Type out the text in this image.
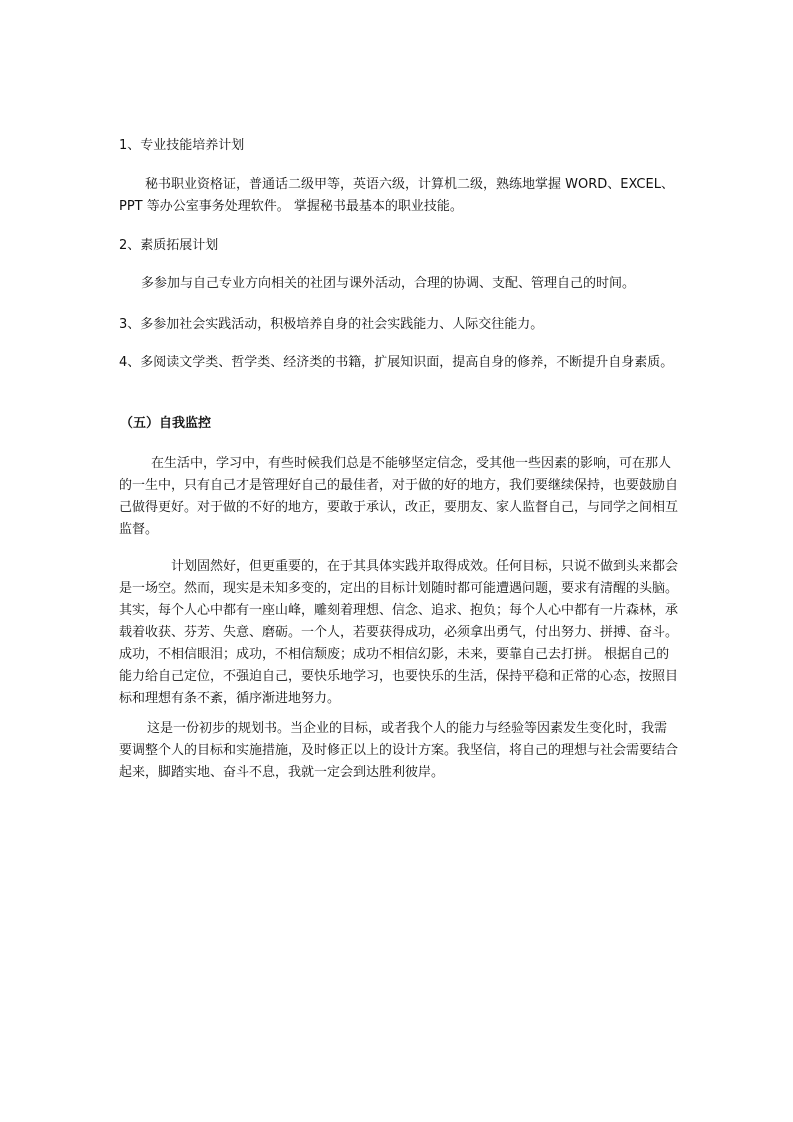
1、专业技能培养计划

秘书职业资格证，普通话二级甲等，英语六级，计算机二级，熟练地掌握 WORD、EXCEL、PPT 等办公室事务处理软件。 掌握秘书最基本的职业技能。

2、素质拓展计划

多参加与自己专业方向相关的社团与课外活动，合理的协调、支配、管理自己的时间。

3、多参加社会实践活动，积极培养自身的社会实践能力、人际交往能力。

4、多阅读文学类、哲学类、经济类的书籍，扩展知识面，提高自身的修养，不断提升自身素质。

（五）自我监控

在生活中，学习中，有些时候我们总是不能够坚定信念，受其他一些因素的影响，可在那人的一生中，只有自己才是管理好自己的最佳者，对于做的好的地方，我们要继续保持，也要鼓励自己做得更好。对于做的不好的地方，要敢于承认，改正，要朋友、家人监督自己，与同学之间相互监督。

计划固然好，但更重要的，在于其具体实践并取得成效。任何目标，只说不做到头来都会是一场空。然而，现实是未知多变的，定出的目标计划随时都可能遭遇问题，要求有清醒的头脑。其实，每个人心中都有一座山峰，雕刻着理想、信念、追求、抱负；每个人心中都有一片森林，承载着收获、芬芳、失意、磨砺。一个人，若要获得成功，必须拿出勇气，付出努力、拼搏、奋斗。成功，不相信眼泪；成功，不相信颓废；成功不相信幻影，未来，要靠自己去打拼。 根据自己的能力给自己定位，不强迫自己，要快乐地学习，也要快乐的生活，保持平稳和正常的心态，按照目标和理想有条不紊，循序渐进地努力。

这是一份初步的规划书。当企业的目标，或者我个人的能力与经验等因素发生变化时，我需要调整个人的目标和实施措施，及时修正以上的设计方案。我坚信，将自己的理想与社会需要结合起来，脚踏实地、奋斗不息，我就一定会到达胜利彼岸。
